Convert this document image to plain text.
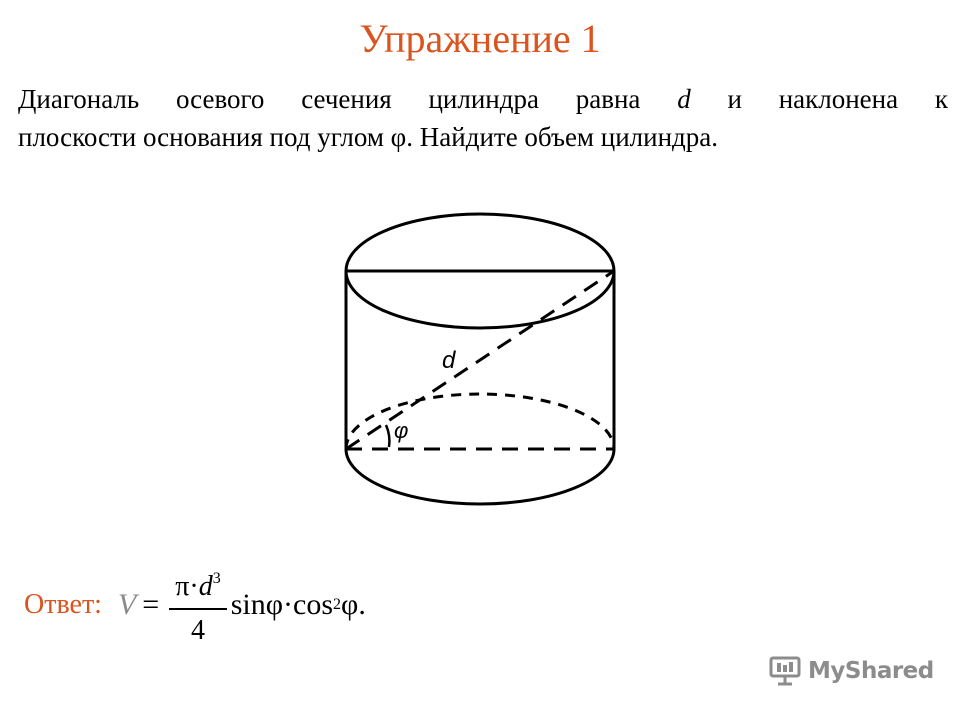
Упражнение 1
Диагональ осевого сечения цилиндра равна d и наклонена к
плоскости основания под углом φ. Найдите объем цилиндра.
d
φ
Ответ: $V = \frac{\pi\cdot d^3}{4}$ sin φ · cos 2 φ.
MyShared
